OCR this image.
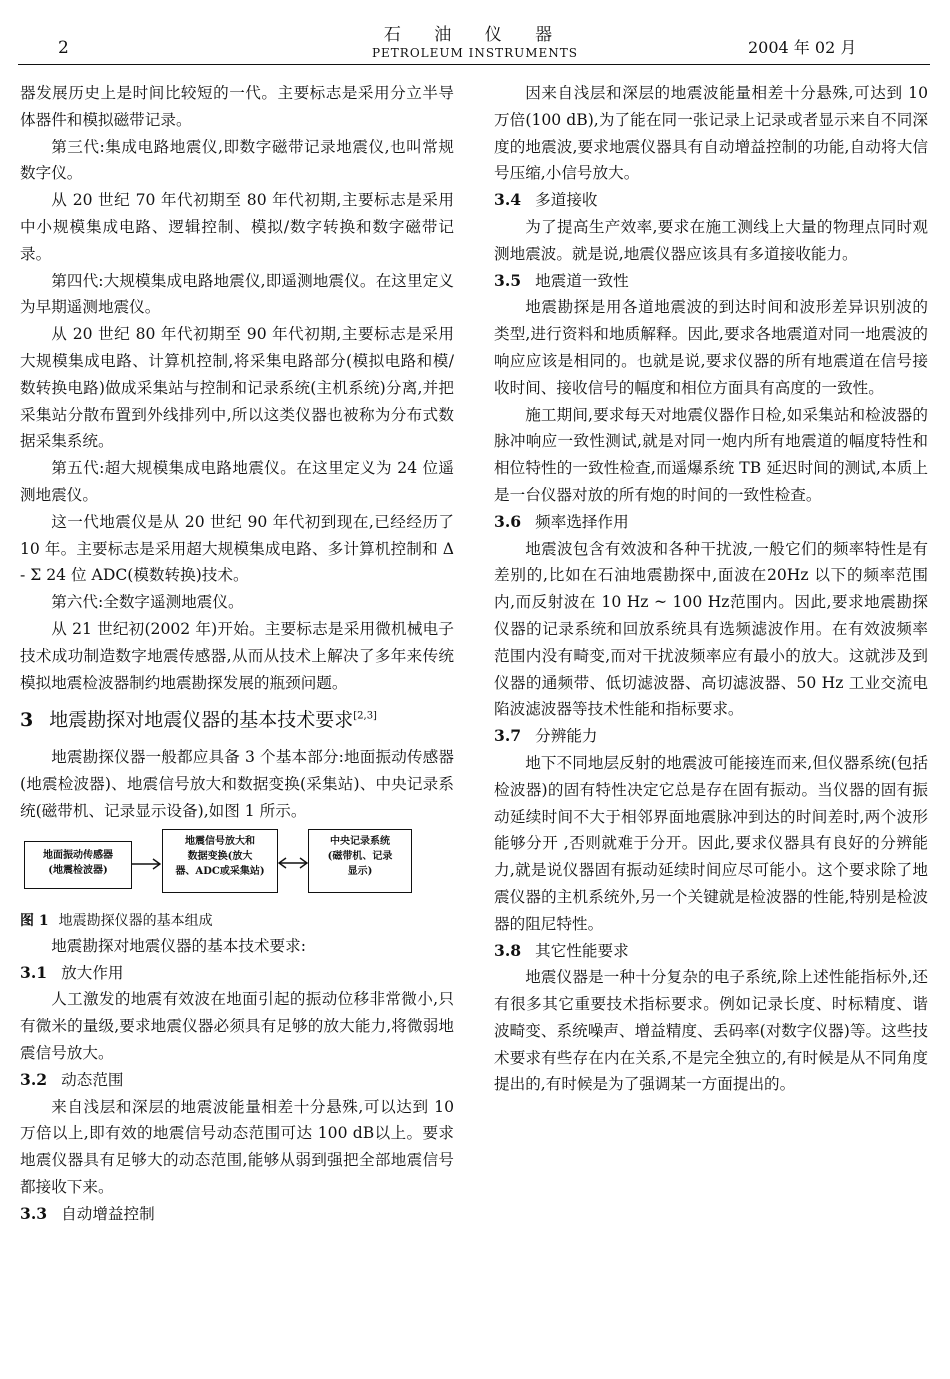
2
石 油 仪 器
PETROLEUM INSTRUMENTS	2004 年 02 月

器发展历史上是时间比较短的一代。主要标志是采用分立半导体器件和模拟磁带记录。

第三代:集成电路地震仪,即数字磁带记录地震仪,也叫常规数字仪。

从 20 世纪 70 年代初期至 80 年代初期,主要标志是采用中小规模集成电路、逻辑控制、模拟/数字转换和数字磁带记录。

第四代:大规模集成电路地震仪,即遥测地震仪。在这里定义为早期遥测地震仪。

从 20 世纪 80 年代初期至 90 年代初期,主要标志是采用大规模集成电路、计算机控制,将采集电路部分(模拟电路和模/数转换电路)做成采集站与控制和记录系统(主机系统)分离,并把采集站分散布置到外线排列中,所以这类仪器也被称为分布式数据采集系统。

第五代:超大规模集成电路地震仪。在这里定义为 24 位遥测地震仪。

这一代地震仪是从 20 世纪 90 年代初到现在,已经经历了 10 年。主要标志是采用超大规模集成电路、多计算机控制和 Δ - Σ 24 位 ADC(模数转换)技术。

第六代:全数字遥测地震仪。

从 21 世纪初(2002 年)开始。主要标志是采用微机械电子技术成功制造数字地震传感器,从而从技术上解决了多年来传统模拟地震检波器制约地震勘探发展的瓶颈问题。

3 地震勘探对地震仪器的基本技术要求[2,3]

地震勘探仪器一般都应具备 3 个基本部分:地面振动传感器(地震检波器)、地震信号放大和数据变换(采集站)、中央记录系统(磁带机、记录显示设备),如图 1 所示。

地面振动传感器
(地震检波器)
地震信号放大和
数据变换(放大
器、ADC或采集站)
中央记录系统
(磁带机、记录
显示)

图 1 地震勘探仪器的基本组成

地震勘探对地震仪器的基本技术要求:

3.1 放大作用

人工激发的地震有效波在地面引起的振动位移非常微小,只有微米的量级,要求地震仪器必须具有足够的放大能力,将微弱地震信号放大。

3.2 动态范围

来自浅层和深层的地震波能量相差十分悬殊,可以达到 10 万倍以上,即有效的地震信号动态范围可达 100 dB以上。要求地震仪器具有足够大的动态范围,能够从弱到强把全部地震信号都接收下来。

3.3 自动增益控制

因来自浅层和深层的地震波能量相差十分悬殊,可达到 10 万倍(100 dB),为了能在同一张记录上记录或者显示来自不同深度的地震波,要求地震仪器具有自动增益控制的功能,自动将大信号压缩,小信号放大。

3.4 多道接收

为了提高生产效率,要求在施工测线上大量的物理点同时观测地震波。就是说,地震仪器应该具有多道接收能力。

3.5 地震道一致性

地震勘探是用各道地震波的到达时间和波形差异识别波的类型,进行资料和地质解释。因此,要求各地震道对同一地震波的响应应该是相同的。也就是说,要求仪器的所有地震道在信号接收时间、接收信号的幅度和相位方面具有高度的一致性。

施工期间,要求每天对地震仪器作日检,如采集站和检波器的脉冲响应一致性测试,就是对同一炮内所有地震道的幅度特性和相位特性的一致性检查,而遥爆系统 TB 延迟时间的测试,本质上是一台仪器对放的所有炮的时间的一致性检查。

3.6 频率选择作用

地震波包含有效波和各种干扰波,一般它们的频率特性是有差别的,比如在石油地震勘探中,面波在20Hz 以下的频率范围内,而反射波在 10 Hz ~ 100 Hz范围内。因此,要求地震勘探仪器的记录系统和回放系统具有选频滤波作用。在有效波频率范围内没有畸变,而对干扰波频率应有最小的放大。这就涉及到仪器的通频带、低切滤波器、高切滤波器、50 Hz 工业交流电陷波滤波器等技术性能和指标要求。

3.7 分辨能力

地下不同地层反射的地震波可能接连而来,但仪器系统(包括检波器)的固有特性决定它总是存在固有振动。当仪器的固有振动延续时间不大于相邻界面地震脉冲到达的时间差时,两个波形能够分开 ,否则就难于分开。因此,要求仪器具有良好的分辨能力,就是说仪器固有振动延续时间应尽可能小。这个要求除了地震仪器的主机系统外,另一个关键就是检波器的性能,特别是检波器的阻尼特性。

3.8 其它性能要求

地震仪器是一种十分复杂的电子系统,除上述性能指标外,还有很多其它重要技术指标要求。例如记录长度、时标精度、谐波畸变、系统噪声、增益精度、丢码率(对数字仪器)等。这些技术要求有些存在内在关系,不是完全独立的,有时候是从不同角度提出的,有时候是为了强调某一方面提出的。
